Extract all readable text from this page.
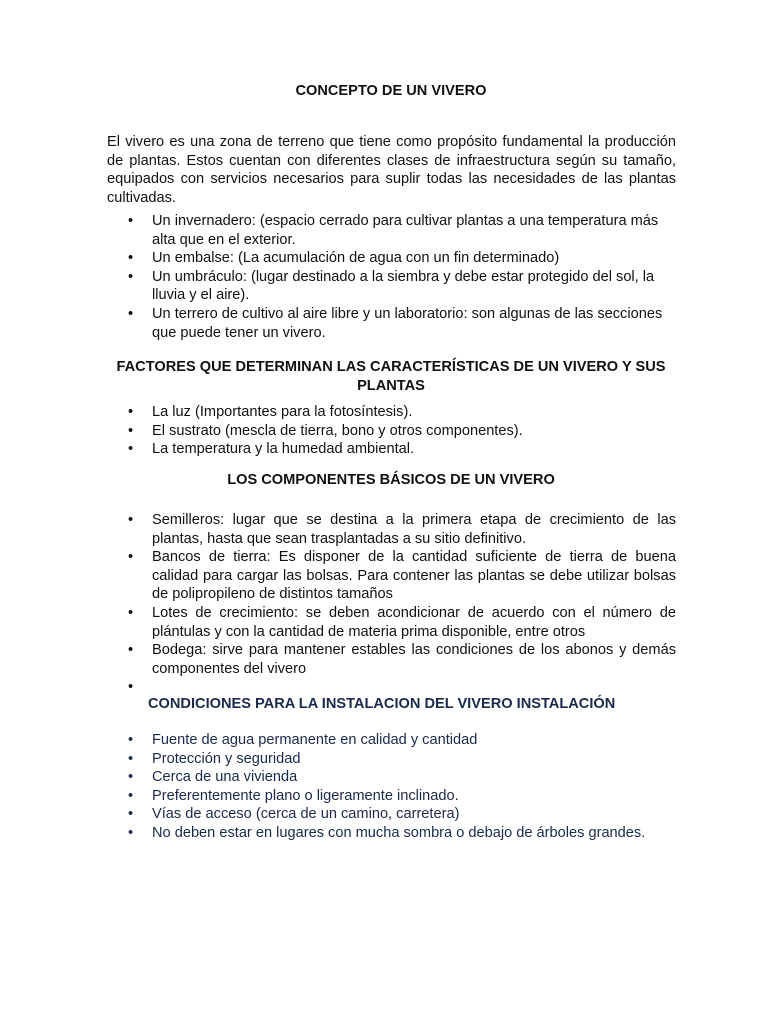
CONCEPTO DE UN VIVERO
El vivero es una zona de terreno que tiene como propósito fundamental la producción de plantas. Estos cuentan con diferentes clases de infraestructura según su tamaño, equipados con servicios necesarios para suplir todas las necesidades de las plantas cultivadas.
• Un invernadero: (espacio cerrado para cultivar plantas a una temperatura más alta que en el exterior.
• Un embalse: (La acumulación de agua con un fin determinado)
• Un umbráculo: (lugar destinado a la siembra y debe estar protegido del sol, la lluvia y el aire).
• Un terrero de cultivo al aire libre y un laboratorio: son algunas de las secciones que puede tener un vivero.
FACTORES QUE DETERMINAN LAS CARACTERÍSTICAS DE UN VIVERO Y SUS PLANTAS
• La luz (Importantes para la fotosíntesis).
• El sustrato (mescla de tierra, bono y otros componentes).
• La temperatura y la humedad ambiental.
LOS COMPONENTES BÁSICOS DE UN VIVERO
• Semilleros: lugar que se destina a la primera etapa de crecimiento de las plantas, hasta que sean trasplantadas a su sitio definitivo.
• Bancos de tierra: Es disponer de la cantidad suficiente de tierra de buena calidad para cargar las bolsas. Para contener las plantas se debe utilizar bolsas de polipropileno de distintos tamaños
• Lotes de crecimiento: se deben acondicionar de acuerdo con el número de plántulas y con la cantidad de materia prima disponible, entre otros
• Bodega: sirve para mantener estables las condiciones de los abonos y demás componentes del vivero
•

CONDICIONES PARA LA INSTALACION DEL VIVERO INSTALACIÓN
• Fuente de agua permanente en calidad y cantidad
• Protección y seguridad
• Cerca de una vivienda
• Preferentemente plano o ligeramente inclinado.
• Vías de acceso (cerca de un camino, carretera)
• No deben estar en lugares con mucha sombra o debajo de árboles grandes.
